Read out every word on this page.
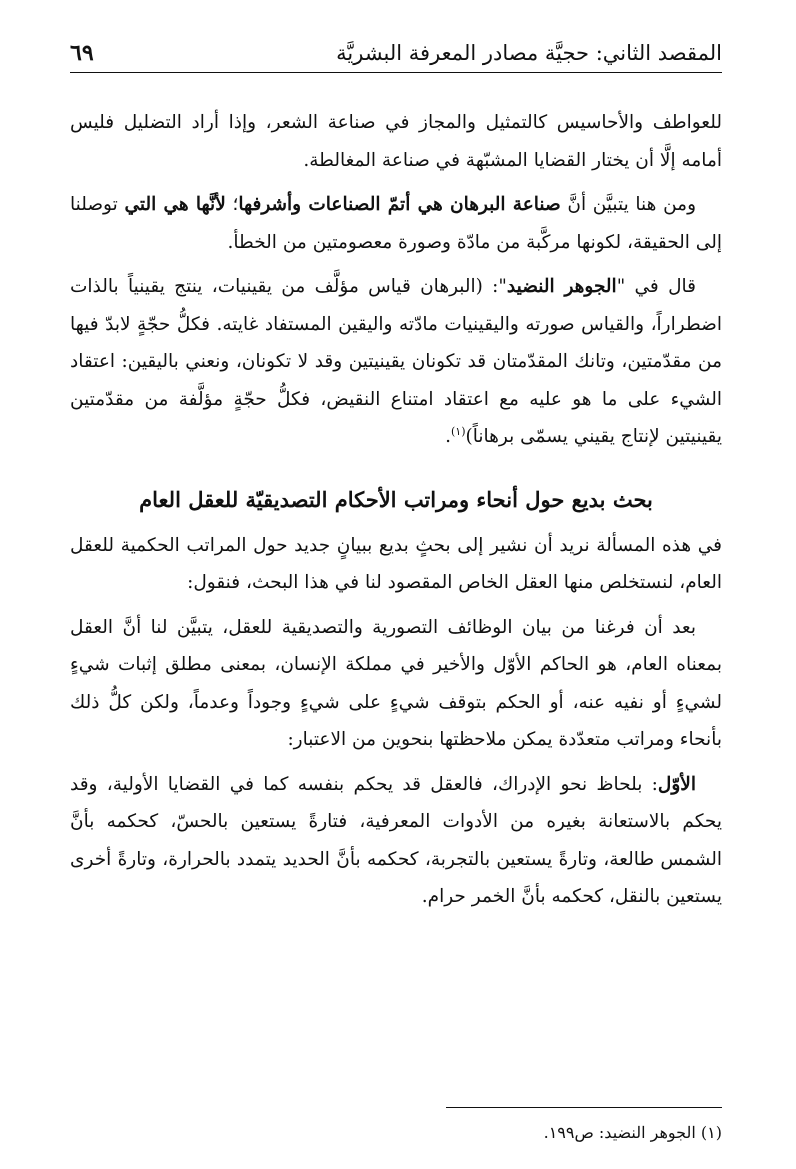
المقصد الثاني: حجيَّة مصادر المعرفة البشريَّة
٦٩

للعواطف والأحاسيس كالتمثيل والمجاز في صناعة الشعر، وإذا أراد التضليل فليس أمامه إلَّا أن يختار القضايا المشبّهة في صناعة المغالطة.

ومن هنا يتبيَّن أنَّ صناعة البرهان هي أتمّ الصناعات وأشرفها؛ لأنَّها هي التي توصلنا إلى الحقيقة، لكونها مركَّبة من مادّة وصورة معصومتين من الخطأ.

قال في "الجوهر النضيد": (البرهان قياس مؤلَّف من يقينيات، ينتج يقينياً بالذات اضطراراً، والقياس صورته واليقينيات مادّته واليقين المستفاد غايته. فكلُّ حجّةٍ لابدّ فيها من مقدّمتين، وتانك المقدّمتان قد تكونان يقينيتين وقد لا تكونان، ونعني باليقين: اعتقاد الشيء على ما هو عليه مع اعتقاد امتناع النقيض، فكلُّ حجّةٍ مؤلَّفة من مقدّمتين يقينيتين لإنتاج يقيني يسمّى برهاناً)$^{(١)}$.

بحث بديع حول أنحاء ومراتب الأحكام التصديقيّة للعقل العام

في هذه المسألة نريد أن نشير إلى بحثٍ بديع ببيانٍ جديد حول المراتب الحكمية للعقل العام، لنستخلص منها العقل الخاص المقصود لنا في هذا البحث، فنقول:

بعد أن فرغنا من بيان الوظائف التصورية والتصديقية للعقل، يتبيَّن لنا أنَّ العقل بمعناه العام، هو الحاكم الأوّل والأخير في مملكة الإنسان، بمعنى مطلق إثبات شيءٍ لشيءٍ أو نفيه عنه، أو الحكم بتوقف شيءٍ على شيءٍ وجوداً وعدماً، ولكن كلُّ ذلك بأنحاء ومراتب متعدّدة يمكن ملاحظتها بنحوين من الاعتبار:

الأوّل: بلحاظ نحو الإدراك، فالعقل قد يحكم بنفسه كما في القضايا الأولية، وقد يحكم بالاستعانة بغيره من الأدوات المعرفية، فتارةً يستعين بالحسّ، كحكمه بأنَّ الشمس طالعة، وتارةً يستعين بالتجربة، كحكمه بأنَّ الحديد يتمدد بالحرارة، وتارةً أخرى يستعين بالنقل، كحكمه بأنَّ الخمر حرام.

(١) الجوهر النضيد: ص١٩٩.
